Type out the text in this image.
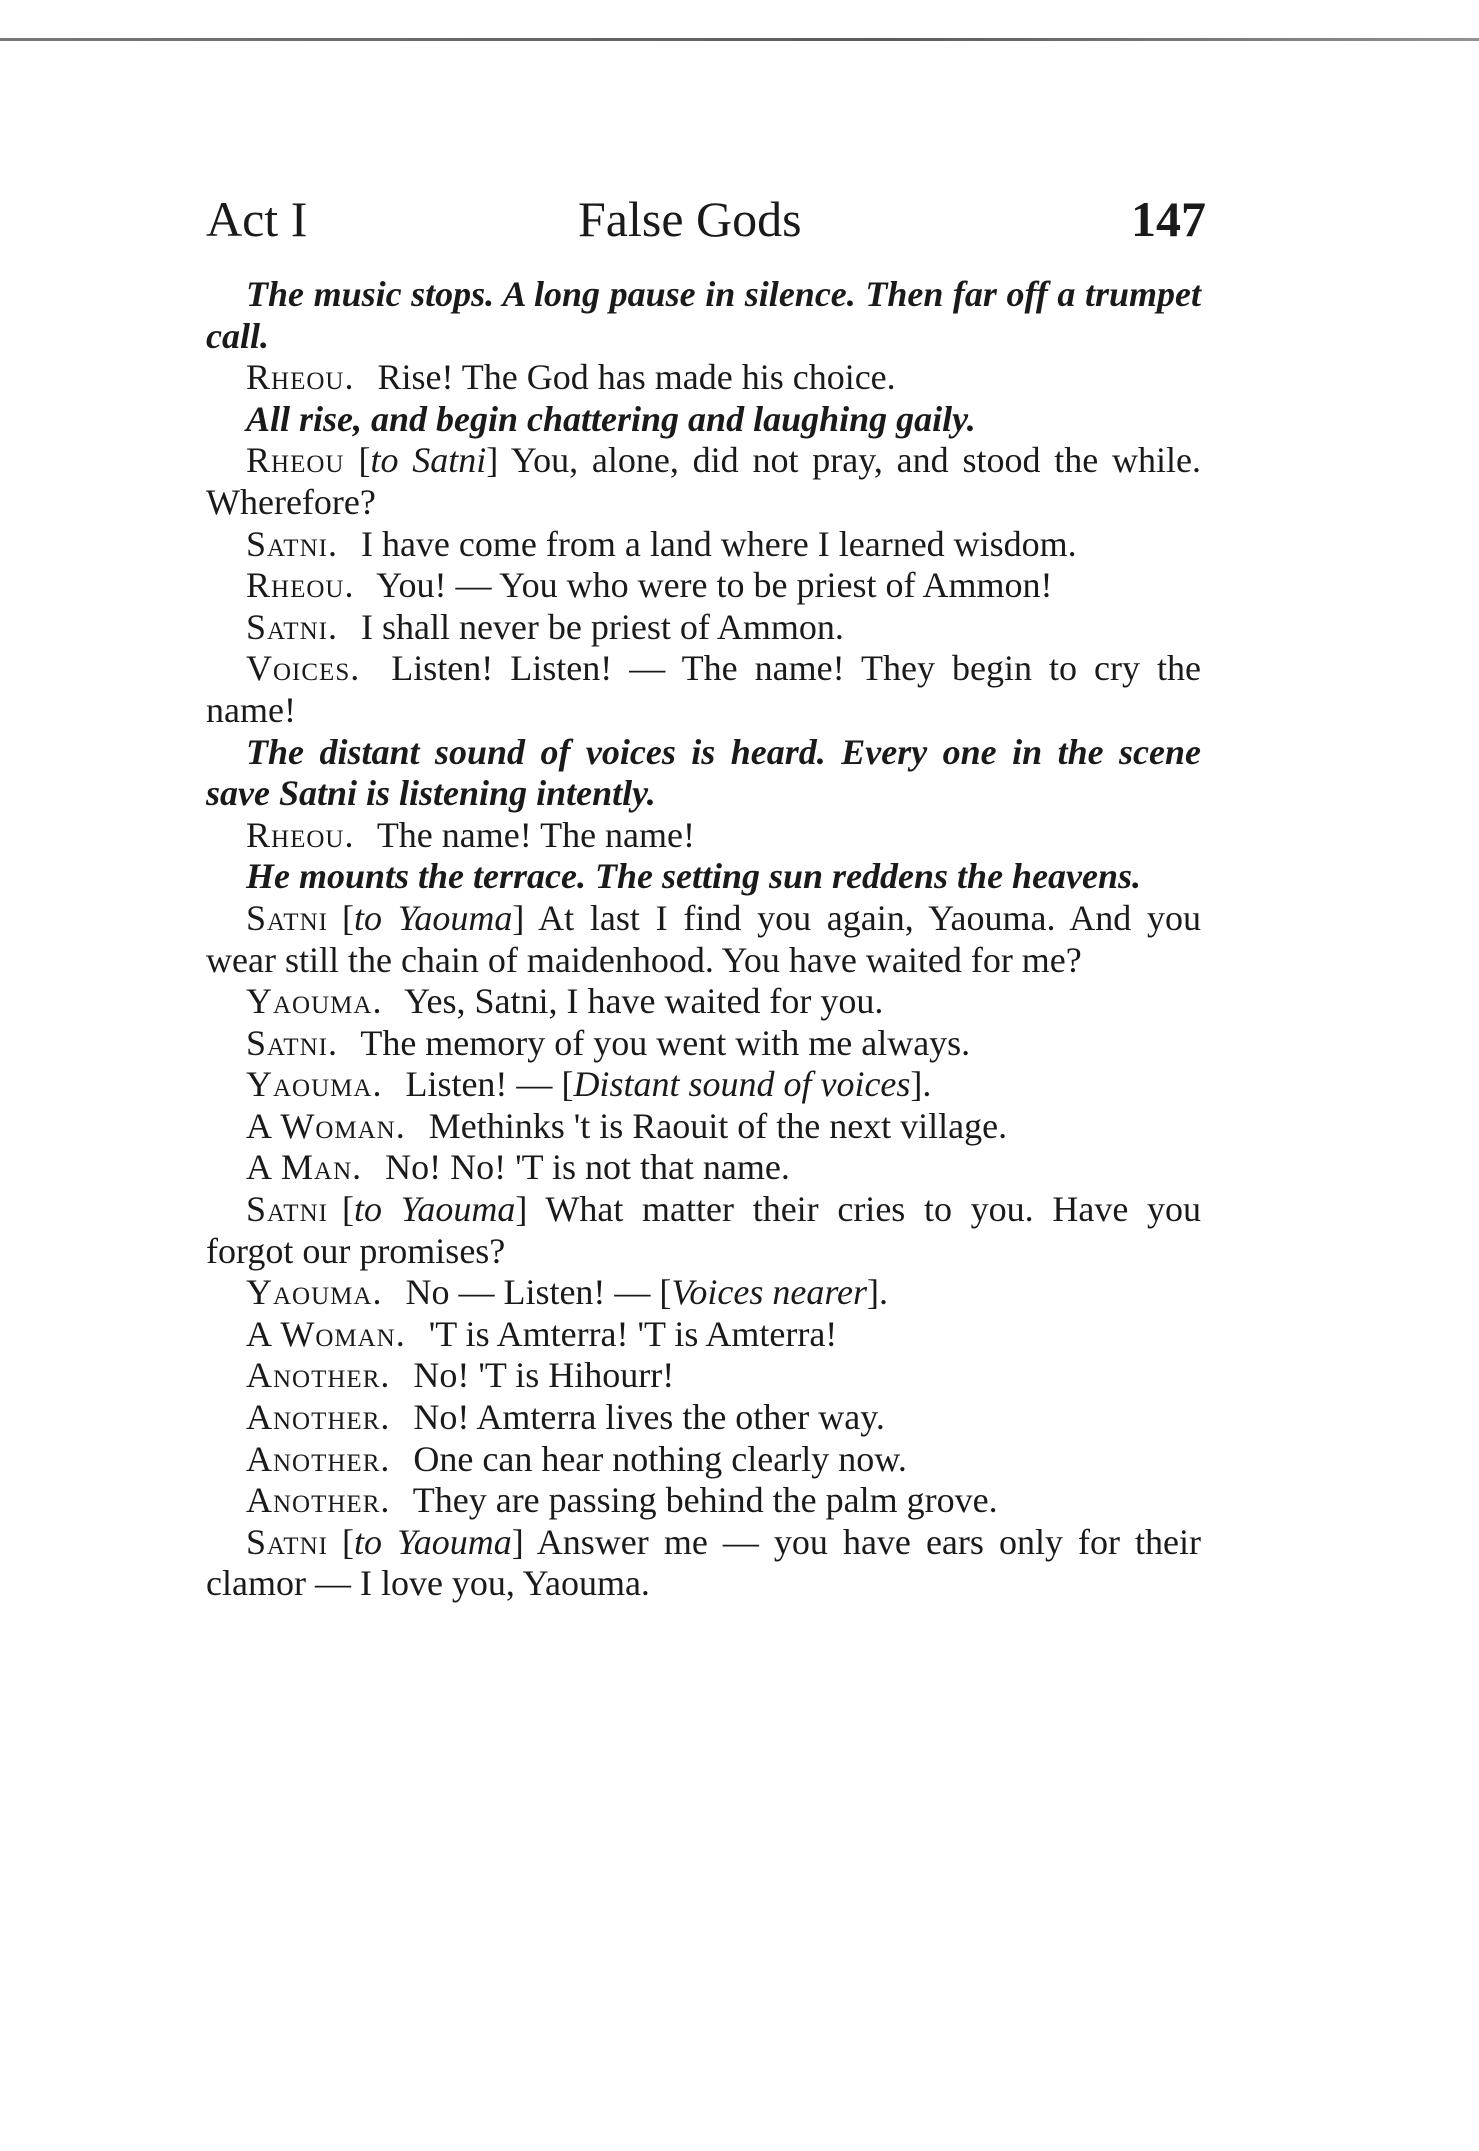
Act I	False Gods	147

The music stops. A long pause in silence. Then far off a trumpet call.

Rheou. Rise! The God has made his choice.

All rise, and begin chattering and laughing gaily.

Rheou [to Satni] You, alone, did not pray, and stood the while. Wherefore?

Satni. I have come from a land where I learned wisdom.

Rheou. You! — You who were to be priest of Ammon!

Satni. I shall never be priest of Ammon.

Voices. Listen! Listen! — The name! They begin to cry the name!

The distant sound of voices is heard. Every one in the scene save Satni is listening intently.

Rheou. The name! The name!

He mounts the terrace. The setting sun reddens the heavens.

Satni [to Yaouma] At last I find you again, Yaouma. And you wear still the chain of maidenhood. You have waited for me?

Yaouma. Yes, Satni, I have waited for you.

Satni. The memory of you went with me always.

Yaouma. Listen! — [Distant sound of voices].

A Woman. Methinks 't is Raouit of the next village.

A Man. No! No! 'T is not that name.

Satni [to Yaouma] What matter their cries to you. Have you forgot our promises?

Yaouma. No — Listen! — [Voices nearer].

A Woman. 'T is Amterra! 'T is Amterra!

Another. No! 'T is Hihourr!

Another. No! Amterra lives the other way.

Another. One can hear nothing clearly now.

Another. They are passing behind the palm grove.

Satni [to Yaouma] Answer me — you have ears only for their clamor — I love you, Yaouma.
